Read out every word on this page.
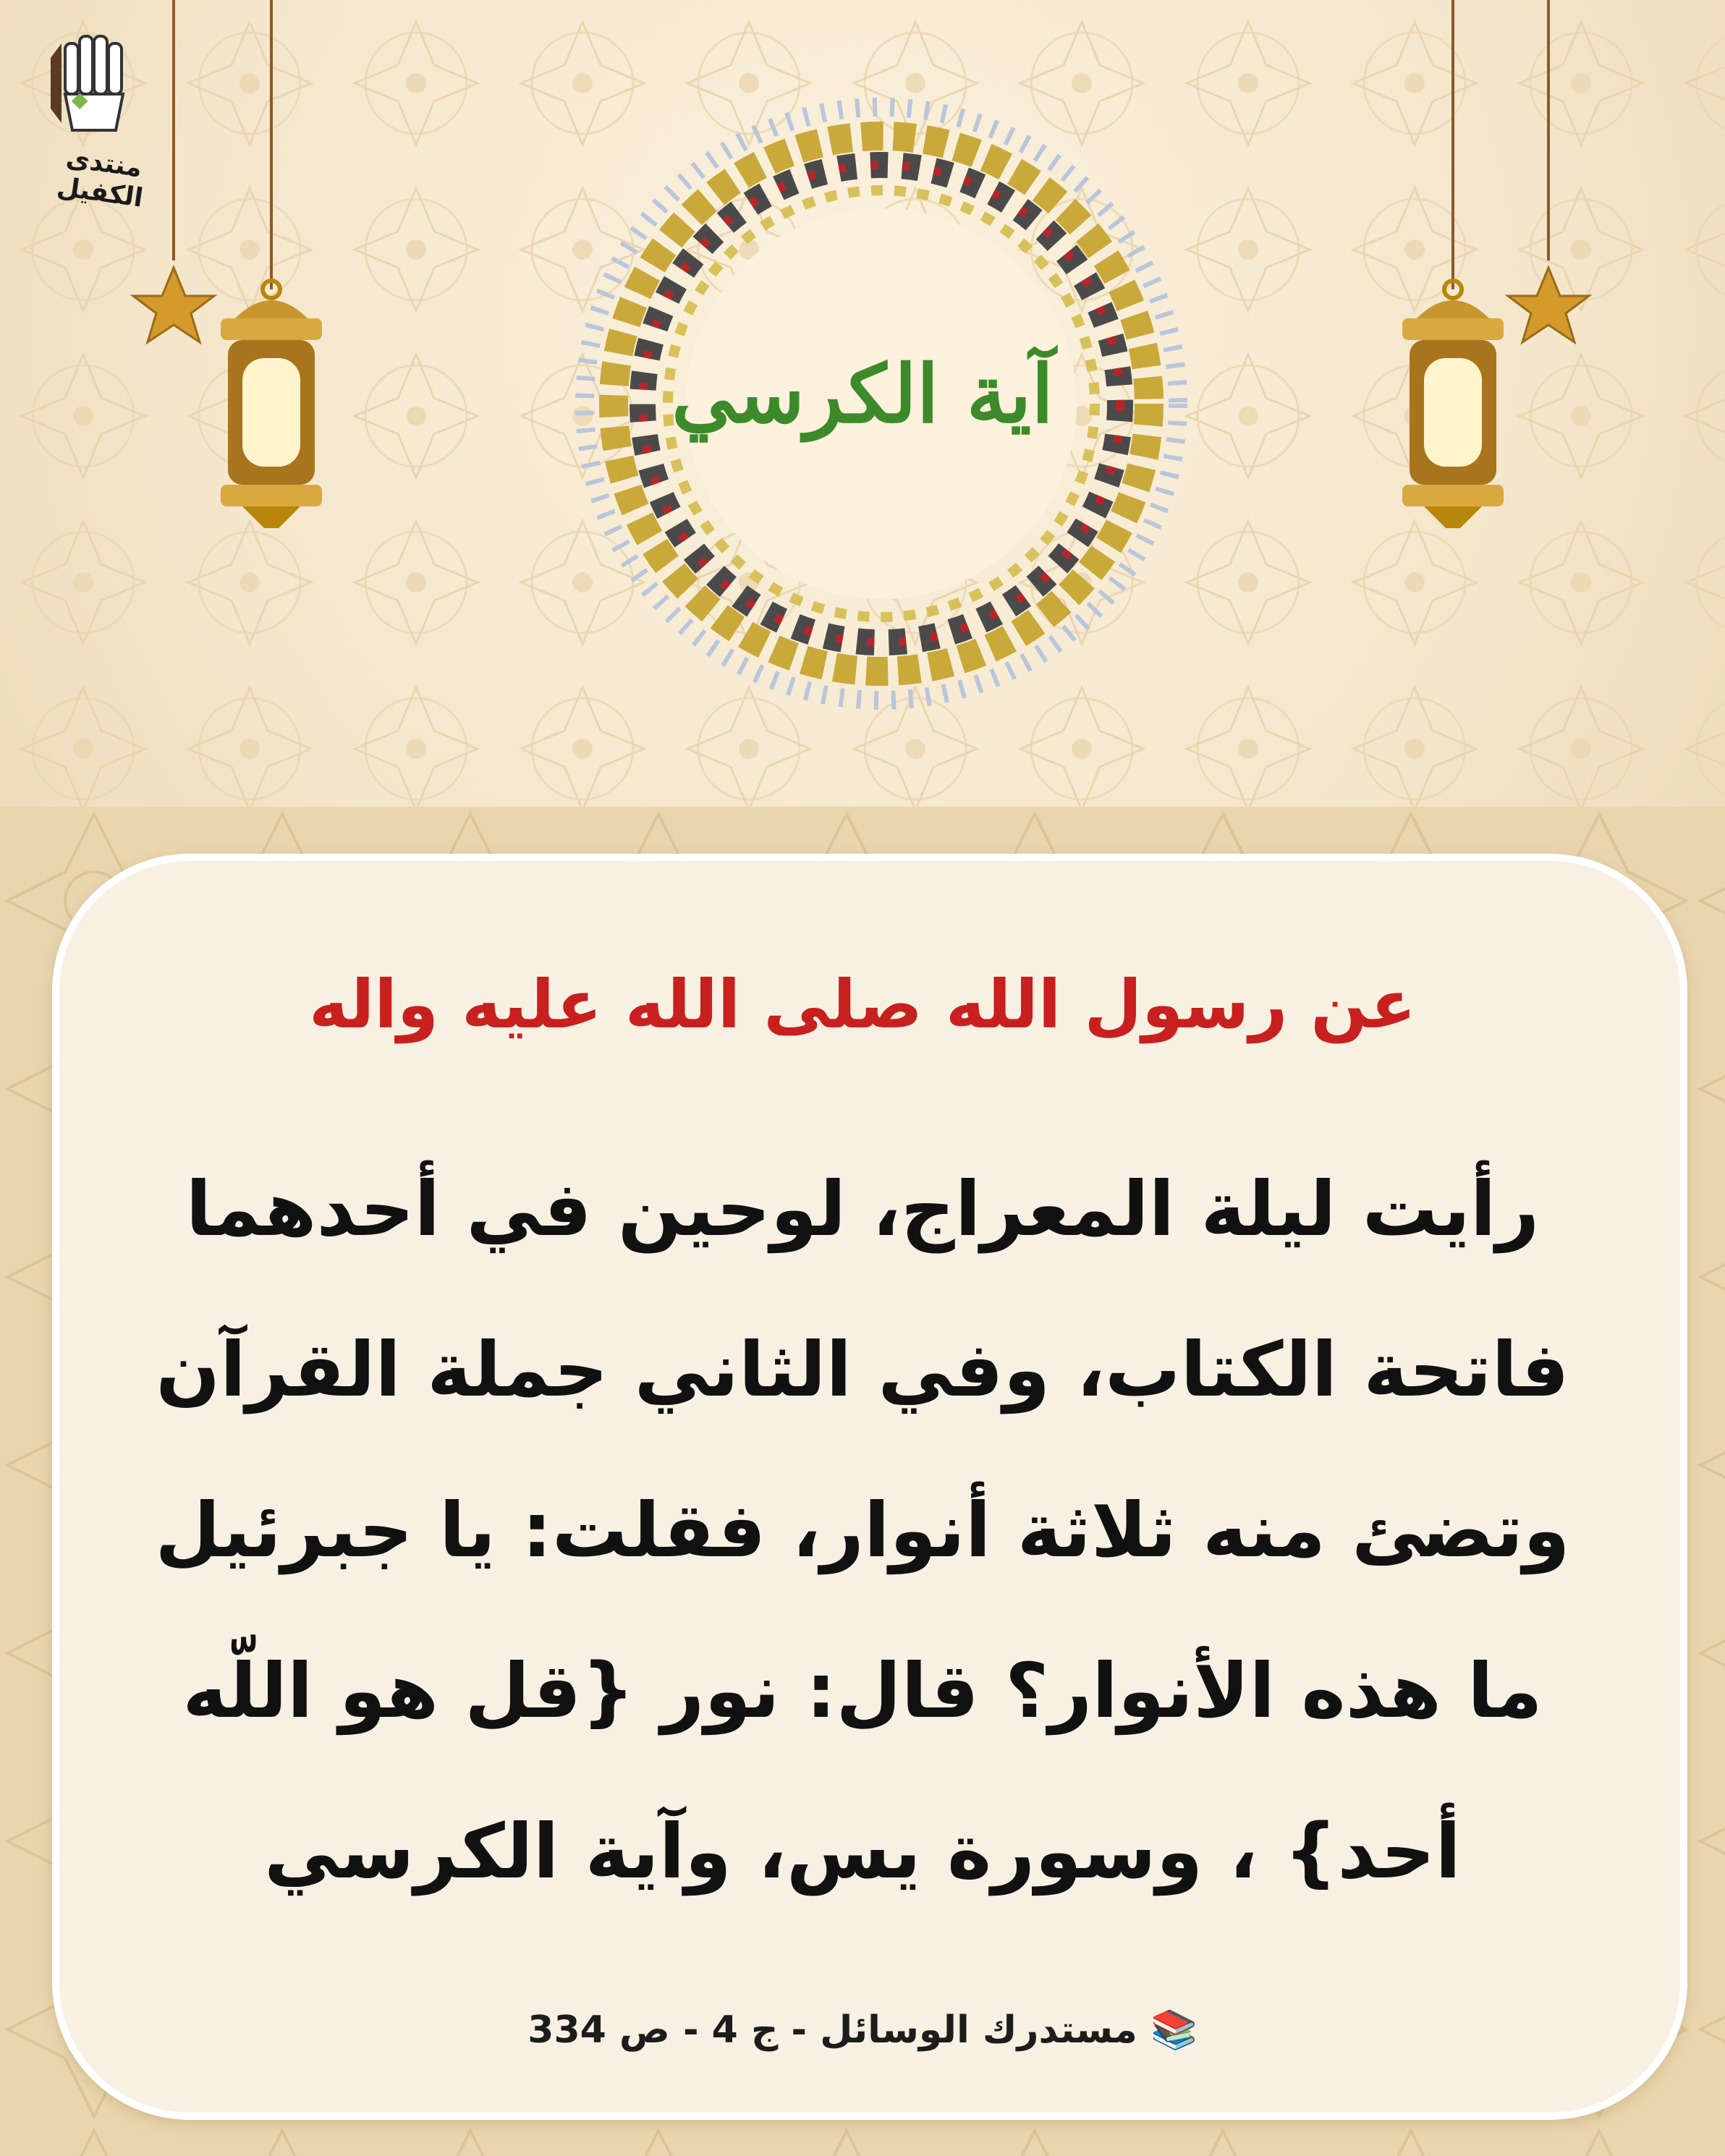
منتدى الكفيل
آية الكرسي
عن رسول الله صلى الله عليه واله
رأيت ليلة المعراج، لوحين في أحدهما
فاتحة الكتاب، وفي الثاني جملة القرآن
وتضئ منه ثلاثة أنوار، فقلت: يا جبرئيل
ما هذه الأنوار؟ قال: نور {قل هو اللّه
أحد} ، وسورة يس، وآية الكرسي
📚 مستدرك الوسائل - ج 4 - ص 334
